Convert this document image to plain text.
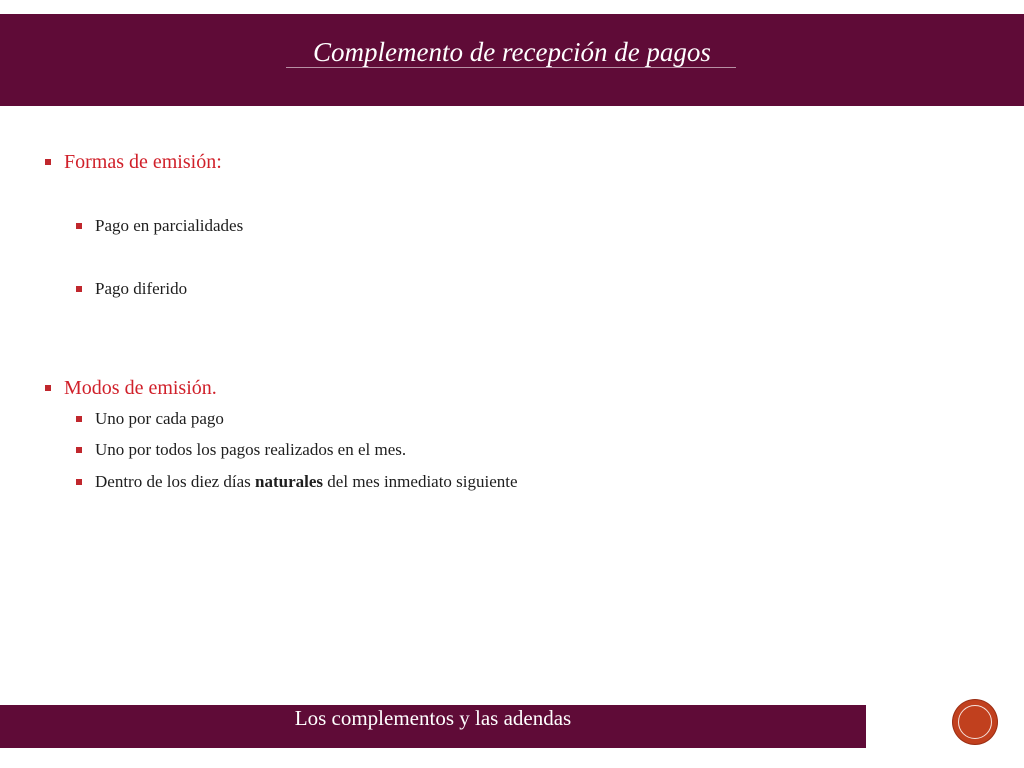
Complemento de recepción de pagos
Formas de emisión:
Pago en parcialidades
Pago diferido
Modos de emisión.
Uno por cada pago
Uno por todos los pagos realizados en el mes.
Dentro de los diez días naturales del mes inmediato siguiente
Los complementos y las adendas
